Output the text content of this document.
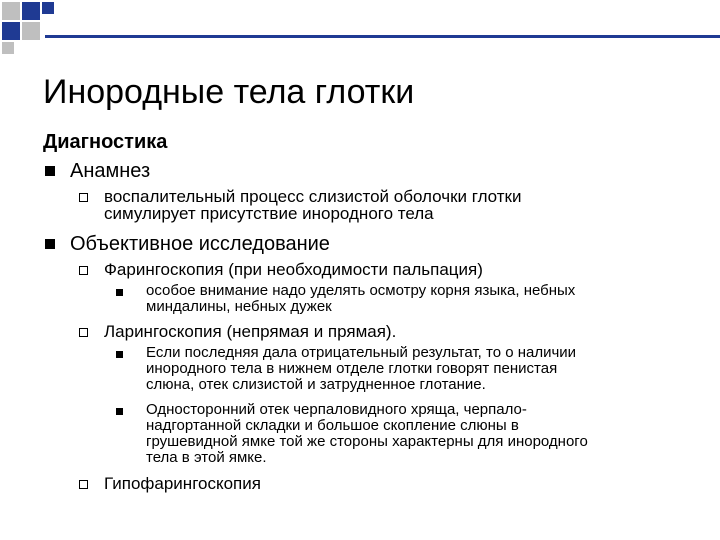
Инородные тела глотки
Диагностика
Анамнез
воспалительный процесс слизистой оболочки глотки
симулирует присутствие инородного тела
Объективное исследование
Фарингоскопия (при необходимости пальпация)
особое внимание надо уделять осмотру корня языка, небных
миндалины, небных дужек
Ларингоскопия (непрямая и прямая).
Если последняя дала отрицательный результат, то о наличии
инородного тела в нижнем отделе глотки говорят пенистая
слюна, отек слизистой и затрудненное глотание.
Односторонний отек черпаловидного хряща, черпало-
надгортанной складки и большое скопление слюны в
грушевидной ямке той же стороны характерны для инородного
тела в этой ямке.
Гипофарингоскопия
